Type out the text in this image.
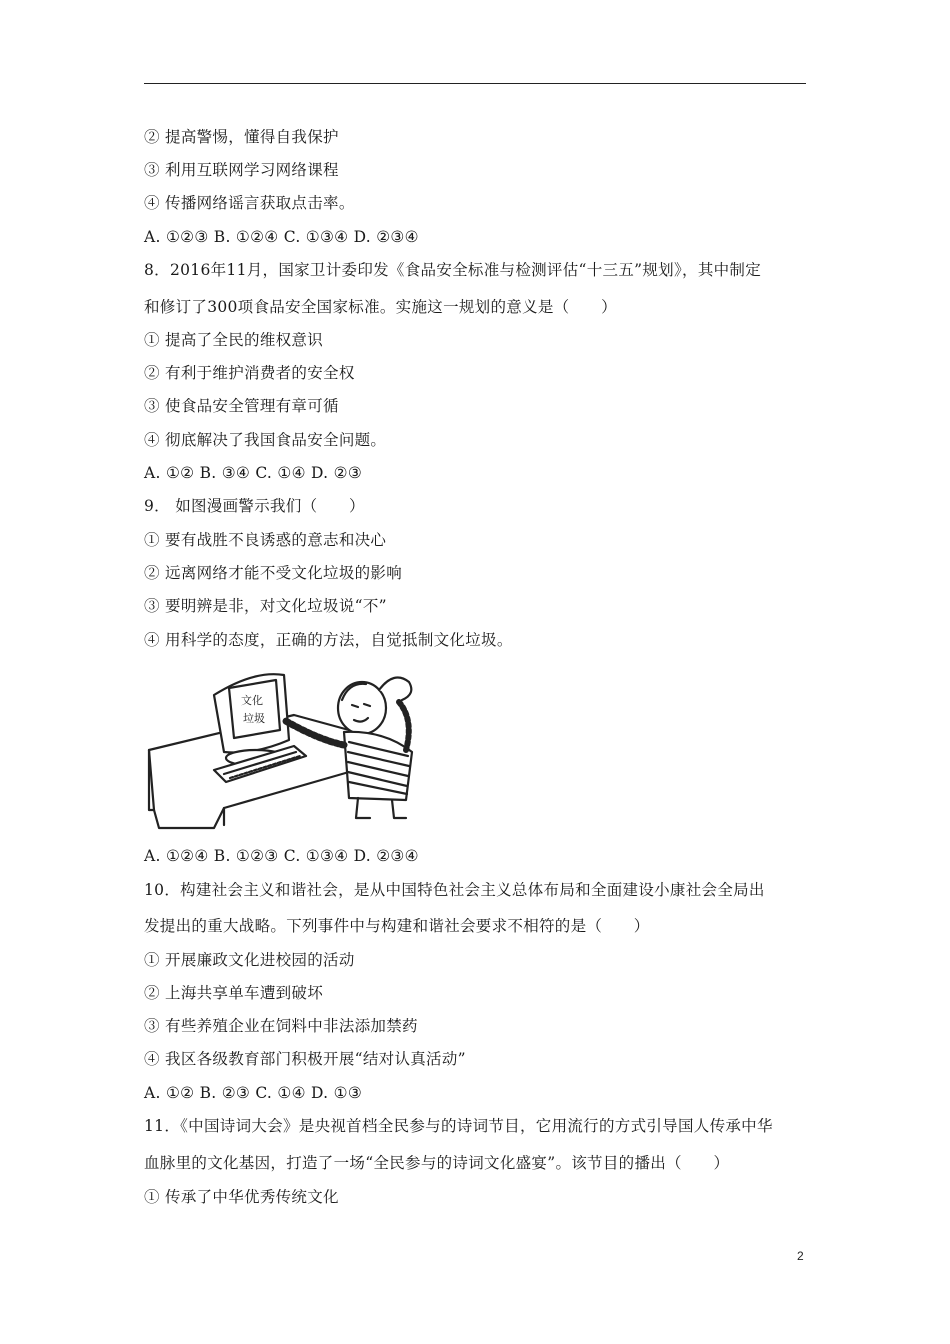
② 提高警惕，懂得自我保护
③ 利用互联网学习网络课程
④ 传播网络谣言获取点击率。
A. ①②③ B. ①②④ C. ①③④ D. ②③④
8．2016年11月，国家卫计委印发《食品安全标准与检测评估“十三五”规划》，其中制定
和修订了300项食品安全国家标准。实施这一规划的意义是（　　）
① 提高了全民的维权意识
② 有利于维护消费者的安全权
③ 使食品安全管理有章可循
④ 彻底解决了我国食品安全问题。
A. ①② B. ③④ C. ①④ D. ②③
9． 如图漫画警示我们（　　）
① 要有战胜不良诱惑的意志和决心
② 远离网络才能不受文化垃圾的影响
③ 要明辨是非，对文化垃圾说“不”
④ 用科学的态度，正确的方法，自觉抵制文化垃圾。
文化
垃圾
A. ①②④ B. ①②③ C. ①③④ D. ②③④
10．构建社会主义和谐社会，是从中国特色社会主义总体布局和全面建设小康社会全局出
发提出的重大战略。下列事件中与构建和谐社会要求不相符的是（　　）
① 开展廉政文化进校园的活动
② 上海共享单车遭到破坏
③ 有些养殖企业在饲料中非法添加禁药
④ 我区各级教育部门积极开展“结对认真活动”
A. ①② B. ②③ C. ①④ D. ①③
11．《中国诗词大会》是央视首档全民参与的诗词节目，它用流行的方式引导国人传承中华
血脉里的文化基因，打造了一场“全民参与的诗词文化盛宴”。该节目的播出（　　）
① 传承了中华优秀传统文化
2
